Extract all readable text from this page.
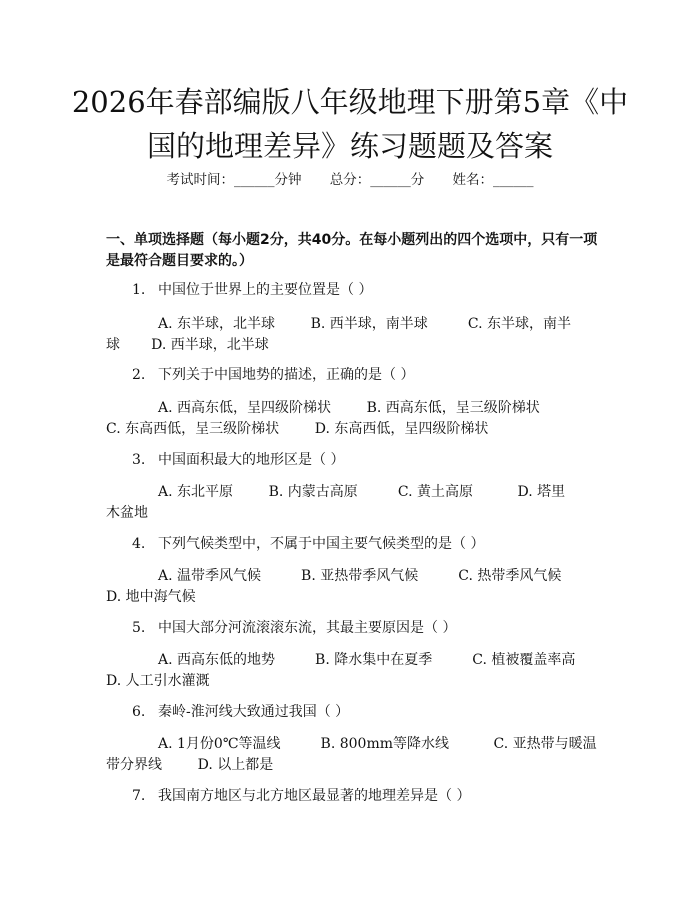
2026年春部编版八年级地理下册第5章《中国的地理差异》练习题题及答案
考试时间：______分钟 总分：______分 姓名：______
一、单项选择题（每小题2分，共40分。在每小题列出的四个选项中，只有一项是最符合题目要求的。）
1. 中国位于世界上的主要位置是（ ）
A. 东半球，北半球        B. 西半球，南半球         C. 东半球，南半
球       D. 西半球，北半球
2. 下列关于中国地势的描述，正确的是（ ）
A. 西高东低，呈四级阶梯状        B. 西高东低，呈三级阶梯状
C. 东高西低，呈三级阶梯状        D. 东高西低，呈四级阶梯状
3. 中国面积最大的地形区是（ ）
A. 东北平原        B. 内蒙古高原         C. 黄土高原          D. 塔里
木盆地
4. 下列气候类型中，不属于中国主要气候类型的是（ ）
A. 温带季风气候         B. 亚热带季风气候         C. 热带季风气候
D. 地中海气候
5. 中国大部分河流滚滚东流，其最主要原因是（ ）
A. 西高东低的地势         B. 降水集中在夏季         C. 植被覆盖率高
D. 人工引水灌溉
6. 秦岭-淮河线大致通过我国（ ）
A. 1月份0℃等温线         B. 800mm等降水线          C. 亚热带与暖温
带分界线        D. 以上都是
7. 我国南方地区与北方地区最显著的地理差异是（ ）
